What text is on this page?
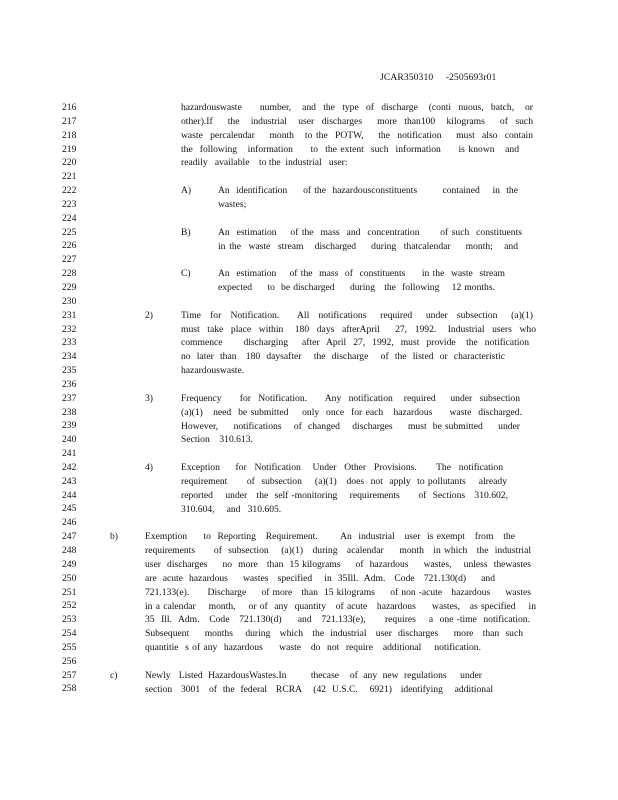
JCAR350310     -2505693r01
216
217
218
219
220
221
222
223
224
225
226
227
228
229
230
231
232
233
234
235
236
237
238
239
240
241
242
243
244
245
246
247
248
249
250
251
252
253
254
255
256
257
258
hazardouswaste     number,   and  the  type  of  discharge   (conti  nuous,  batch,   or
other).If    the   industrial   user  discharges    more  than100   kilograms    of  such
waste  percalendar    month   to the  POTW,    the  notification    must  also  contain
the  following   information     to  the extent  such  information     is known   and
readily   available    to the  industrial   user:
A)	An  identification     of the  hazardousconstituents        contained    in  the
wastes;
B)	An  estimation    of the  mass  and  concentration      of such  constituents
in the  waste  stream   discharged    during  thatcalendar    month;   and
C)	An  estimation    of the  mass  of  constituents     in the  waste  stream
expected     to  be discharged     during   the  following    12 months.
2)	Time  for  Notification.    All  notifications   required   under  subsection   (a)(1)
must  take  place  within   180  days  afterApril    27,  1992.   Industrial  users  who
commence      discharging    after  April  27,  1992,  must  provide   the  notification
no  later  than   180  daysafter    the  discharge    of  the  listed  or  characteristic
hazardouswaste.
3)	Frequency     for  Notification.     Any  notification   required    under  subsection
(a)(1)   need  be submitted    only  once  for each   hazardous     waste  discharged.
However,     notifications    of  changed    discharges     must  be submitted     under
Section    310.613.
4)	Exception    for  Notification   Under  Other  Provisions.     The  notification
requirement      of  subsection    (a)(1)   does  not  apply  to pollutants    already
reported    under   the  self -monitoring    requirements      of  Sections   310.602,
310.604,     and   310.605.
b)	Exemption     to  Reporting   Requirement.       An  industrial   user  is exempt   from   the
requirements      of  subsection    (a)(1)   during   acalendar     month   in which   the  industrial
user  discharges     no  more   than  15 kilograms     of  hazardous     wastes,    unless  thewastes
are  acute  hazardous     wastes   specified    in  35Ill.  Adm.   Code   721.130(d)     and
721.133(e).      Discharge     of more   than  15 kilograms     of non -acute   hazardous     wastes
in a calendar    month,    or of  any  quantity   of acute   hazardous     wastes,   as specified    in
35  Ill.  Adm.   Code   721.130(d)     and   721.133(e),      requires    a  one -time  notification.
Subsequent     months    during   which   the  industrial   user  discharges     more   than  such
quantitie  s of any  hazardous     waste   do  not  require   additional    notification.
c)	Newly   Listed  HazardousWastes.In         thecase    of  any  new  regulations     under
section   3001   of  the  federal   RCRA    (42  U.S.C.    6921)   identifying    additional
